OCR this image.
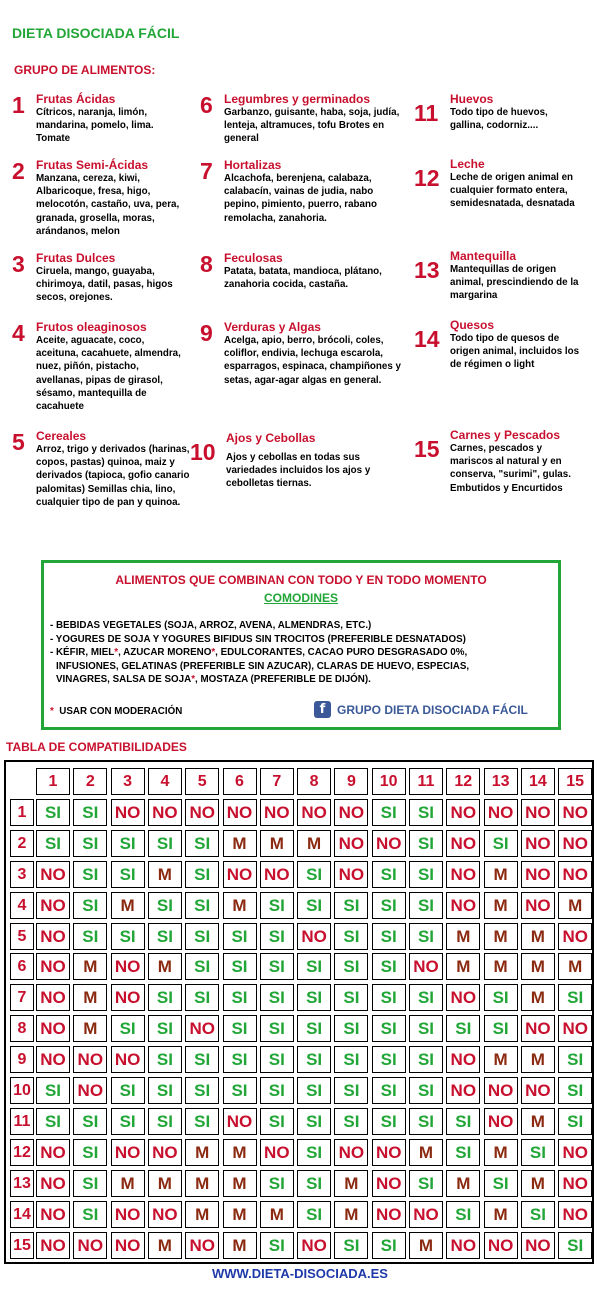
DIETA DISOCIADA FÁCIL
GRUPO DE ALIMENTOS:
1 Frutas Ácidas
Cítricos, naranja, limón, mandarina, pomelo, lima. Tomate
2 Frutas Semi-Ácidas
Manzana, cereza, kiwi, Albaricoque, fresa, higo, melocotón, castaño, uva, pera, granada, grosella, moras, arándanos, melon
3 Frutas Dulces
Ciruela, mango, guayaba, chirimoya, datil, pasas, higos secos, orejones.
4 Frutos oleaginosos
Aceite, aguacate, coco, aceituna, cacahuete, almendra, nuez, piñón, pistacho, avellanas, pipas de girasol, sésamo, mantequilla de cacahuete
5 Cereales
Arroz, trigo y derivados (harinas, copos, pastas) quinoa, maiz y derivados (tapioca, gofio canario palomitas) Semillas chia, lino, cualquier tipo de pan y quinoa.
6 Legumbres y germinados
Garbanzo, guisante, haba, soja, judía, lenteja, altramuces, tofu Brotes en general
7 Hortalizas
Alcachofa, berenjena, calabaza, calabacín, vainas de judia, nabo pepino, pimiento, puerro, rabano remolacha, zanahoria.
8 Feculosas
Patata, batata, mandioca, plátano, zanahoria cocida, castaña.
9 Verduras y Algas
Acelga, apio, berro, brócoli, coles, coliflor, endivia, lechuga escarola, esparragos, espinaca, champiñones y setas, agar-agar algas en general.
10
Ajos y Cebollas
Ajos y cebollas en todas sus variedades incluidos los ajos y cebolletas tiernas.
11
Huevos
Todo tipo de huevos, gallina, codorniz....
12
Leche
Leche de origen animal en cualquier formato entera, semidesnatada, desnatada
13
Mantequilla
Mantequillas de origen animal, prescindiendo de la margarina
14
Quesos
Todo tipo de quesos de origen animal, incluidos los de régimen o light
15
Carnes y Pescados
Carnes, pescados y mariscos al natural y en conserva, "surimi", gulas. Embutidos y Encurtidos
ALIMENTOS QUE COMBINAN CON TODO Y EN TODO MOMENTO
COMODINES
- BEBIDAS VEGETALES (SOJA, ARROZ, AVENA, ALMENDRAS, ETC.)
- YOGURES DE SOJA Y YOGURES BIFIDUS SIN TROCITOS (PREFERIBLE DESNATADOS)
- KÉFIR, MIEL*, AZUCAR MORENO*, EDULCORANTES, CACAO PURO DESGRASADO 0%,
INFUSIONES, GELATINAS (PREFERIBLE SIN AZUCAR), CLARAS DE HUEVO, ESPECIAS,
VINAGRES, SALSA DE SOJA*, MOSTAZA (PREFERIBLE DE DIJÓN).
* USAR CON MODERACIÓN	f GRUPO DIETA DISOCIADA FÁCIL
TABLA DE COMPATIBILIDADES
1	2	3	4	5	6	7	8	9	10	11	12	13	14	15
1	SI	SI NO NO NO NO NO NO NO SI	SI NO NO NO NO
2	SI	SI	SI	SI	SI	M	M	M	NO NO SI NO SI NO NO
3 NO SI	SI	M	SI NO NO SI NO SI	SI NO	M	NO NO
4 NO SI	M	SI	SI	M	SI	SI	SI	SI	SI NO	M	NO	M
5 NO SI	SI	SI	SI	SI	SI NO SI	SI	SI	M	M	M	NO
6 NO	M	NO	M	SI	SI	SI	SI	SI	SI NO	M	M	M	M
7 NO	M	NO SI	SI	SI	SI	SI	SI	SI	SI NO SI	M	SI
8 NO	M	SI	SI NO SI	SI	SI	SI	SI	SI	SI	SI NO NO
9 NO NO NO SI	SI	SI	SI	SI	SI	SI	SI NO	M	M	SI
10 SI NO SI	SI	SI	SI	SI	SI	SI	SI	SI NO NO NO SI
11 SI	SI	SI	SI	SI NO SI	SI	SI	SI	SI	SI NO	M	SI
12 NO SI NO NO	M	M	NO SI NO NO	M	SI	M	SI NO
13 NO SI	M	M	M	M	SI	SI	M	NO SI	M	SI	M	NO
14 NO SI NO NO	M	M	M	SI	M	NO NO SI	M	SI NO
15 NO NO NO	M	NO	M	SI NO SI	SI	M	NO NO NO SI
WWW.DIETA-DISOCIADA.ES
